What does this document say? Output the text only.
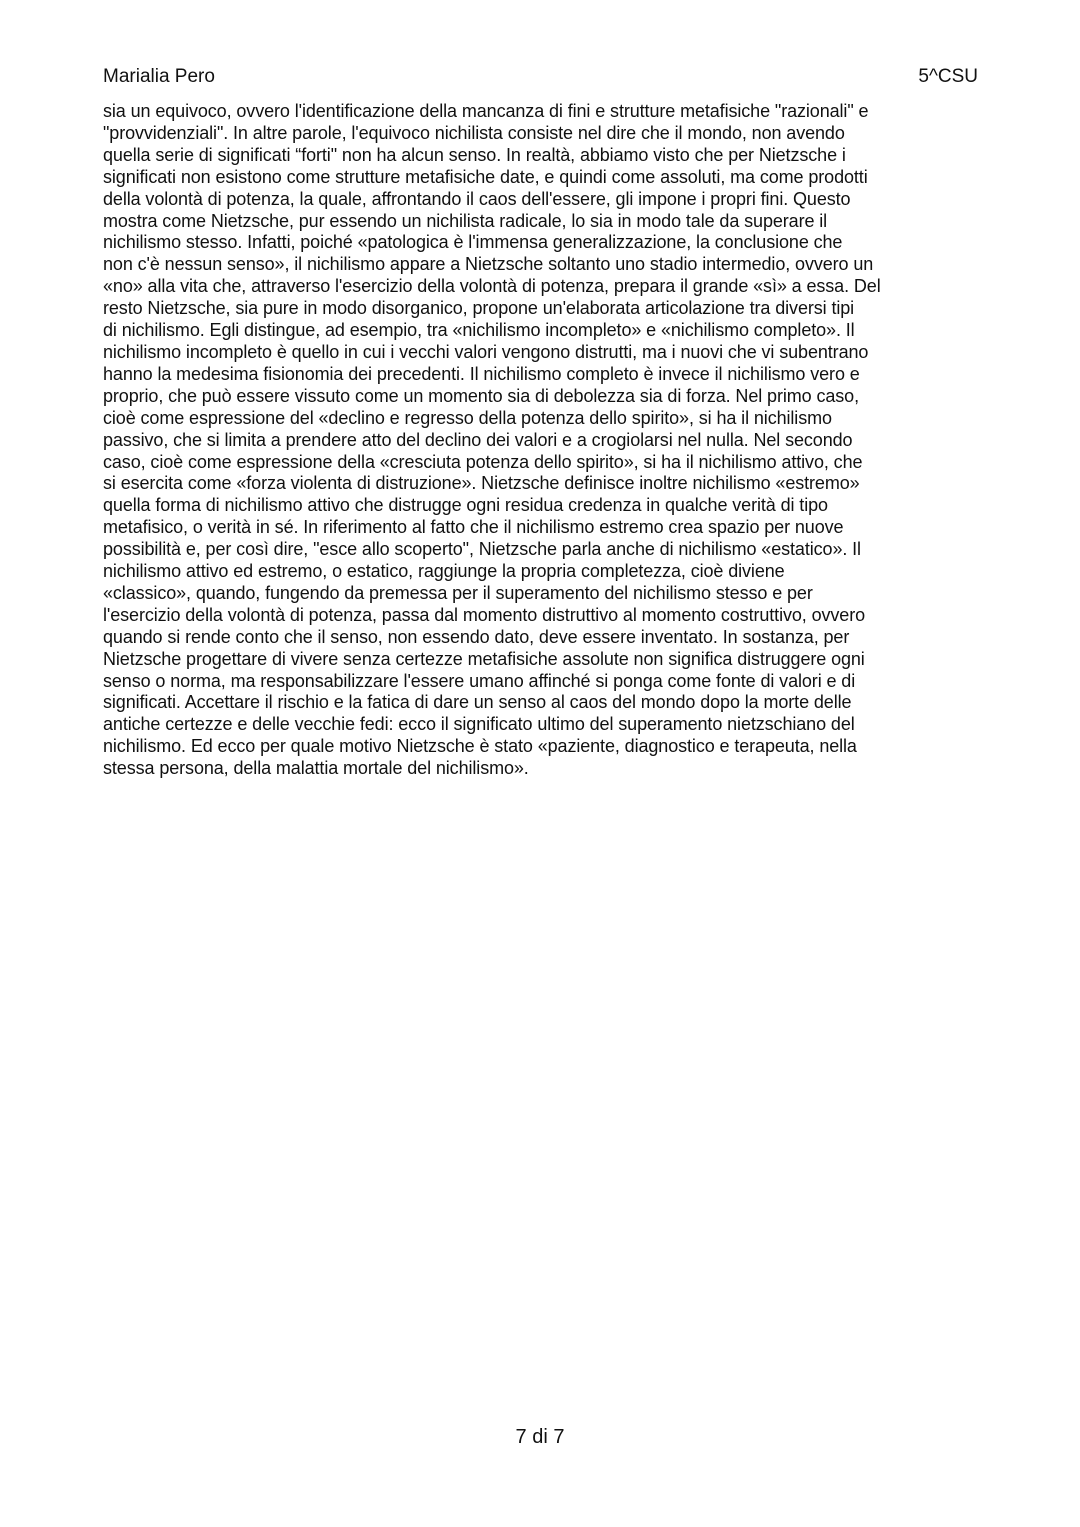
Marialia Pero	5^CSU
sia un equivoco, ovvero l'identificazione della mancanza di fini e strutture metafisiche "razionali" e
"provvidenziali". In altre parole, l'equivoco nichilista consiste nel dire che il mondo, non avendo
quella serie di significati “forti" non ha alcun senso. In realtà, abbiamo visto che per Nietzsche i
significati non esistono come strutture metafisiche date, e quindi come assoluti, ma come prodotti
della volontà di potenza, la quale, affrontando il caos dell'essere, gli impone i propri fini. Questo
mostra come Nietzsche, pur essendo un nichilista radicale, lo sia in modo tale da superare il
nichilismo stesso. Infatti, poiché «patologica è l'immensa generalizzazione, la conclusione che
non c'è nessun senso», il nichilismo appare a Nietzsche soltanto uno stadio intermedio, ovvero un
«no» alla vita che, attraverso l'esercizio della volontà di potenza, prepara il grande «sì» a essa. Del
resto Nietzsche, sia pure in modo disorganico, propone un'elaborata articolazione tra diversi tipi
di nichilismo. Egli distingue, ad esempio, tra «nichilismo incompleto» e «nichilismo completo». Il
nichilismo incompleto è quello in cui i vecchi valori vengono distrutti, ma i nuovi che vi subentrano
hanno la medesima fisionomia dei precedenti. Il nichilismo completo è invece il nichilismo vero e
proprio, che può essere vissuto come un momento sia di debolezza sia di forza. Nel primo caso,
cioè come espressione del «declino e regresso della potenza dello spirito», si ha il nichilismo
passivo, che si limita a prendere atto del declino dei valori e a crogiolarsi nel nulla. Nel secondo
caso, cioè come espressione della «cresciuta potenza dello spirito», si ha il nichilismo attivo, che
si esercita come «forza violenta di distruzione». Nietzsche definisce inoltre nichilismo «estremo»
quella forma di nichilismo attivo che distrugge ogni residua credenza in qualche verità di tipo
metafisico, o verità in sé. In riferimento al fatto che il nichilismo estremo crea spazio per nuove
possibilità e, per così dire, "esce allo scoperto", Nietzsche parla anche di nichilismo «estatico». Il
nichilismo attivo ed estremo, o estatico, raggiunge la propria completezza, cioè diviene
«classico», quando, fungendo da premessa per il superamento del nichilismo stesso e per
l'esercizio della volontà di potenza, passa dal momento distruttivo al momento costruttivo, ovvero
quando si rende conto che il senso, non essendo dato, deve essere inventato. In sostanza, per
Nietzsche progettare di vivere senza certezze metafisiche assolute non significa distruggere ogni
senso o norma, ma responsabilizzare l'essere umano affinché si ponga come fonte di valori e di
significati. Accettare il rischio e la fatica di dare un senso al caos del mondo dopo la morte delle
antiche certezze e delle vecchie fedi: ecco il significato ultimo del superamento nietzschiano del
nichilismo. Ed ecco per quale motivo Nietzsche è stato «paziente, diagnostico e terapeuta, nella
stessa persona, della malattia mortale del nichilismo».
7 di 7
